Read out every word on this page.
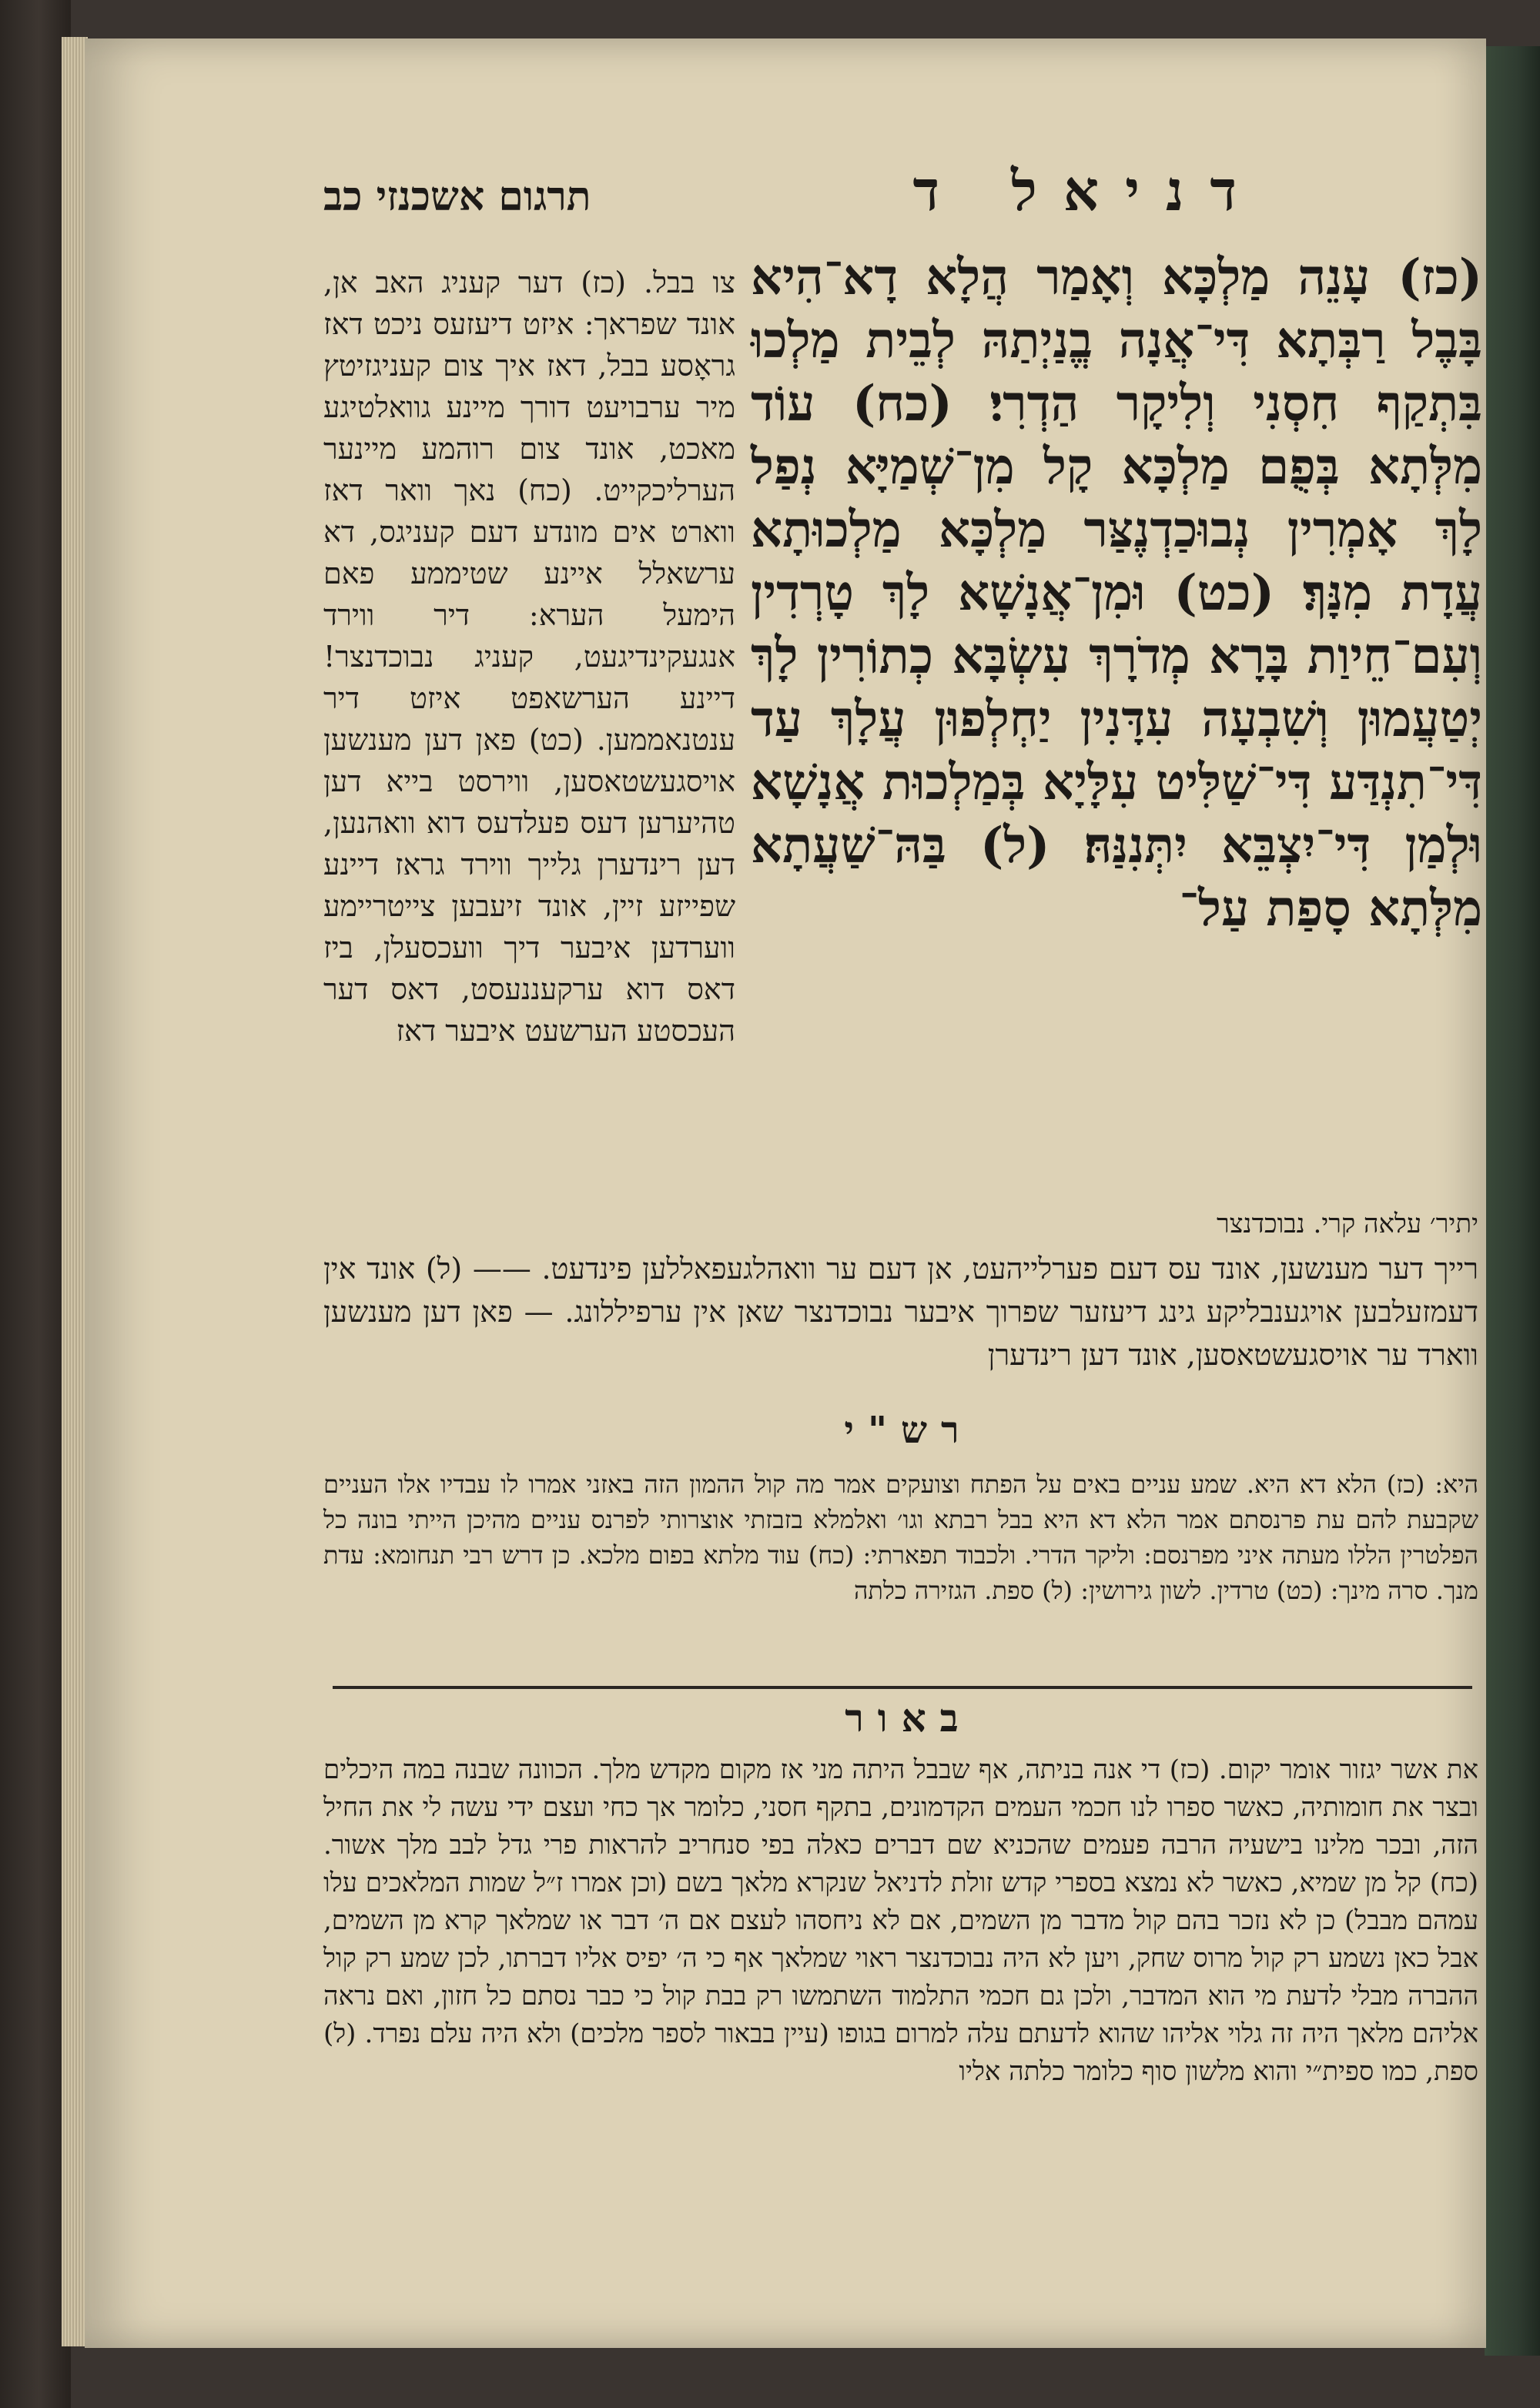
תרגום אשכנזי כב	דניאל ד

צו בבל. (כז) דער קעניג האב אן, אונד שפראך: איזט דיעזעס ניכט דאז גראָסע בבל, דאז איך צום קעניגזיטץ מיר ערבויעט דורך מיינע גוואלטיגע מאכט, אונד צום רוהמע מיינער הערליכקייט. (כח) נאך וואר דאז ווארט אים מונדע דעם קעניגס, דא ערשאלל איינע שטיממע פאם הימעל הערא: דיר ווירד אנגעקינדיגעט, קעניג נבוכדנצר! דיינע הערשאפט איזט דיר ענטנאממען. (כט) פאן דען מענשען אויסגעשטאסען, ווירסט בייא דען טהיערען דעס פעלדעס דוא וואהנען, דען רינדערן גלייך ווירד גראז דיינע שפייזע זיין, אונד זיעבען צייטריימע ווערדען איבער דיך וועכסעלן, ביז דאס דוא ערקעננעסט, דאס דער העכסטע הערשעט איבער דאז

(כז) עָנֵה מַלְכָּא וְאָמַר הֲלָא דָא־הִיא בָּבֶל רַבְּתָא דִּי־אֲנָה בֱנַיְתַהּ לְבֵית מַלְכוּ בִּתְקַף חִסְנִי וְלִיקָר הַדְרִי׃ (כח) עוֹד מִלְּתָא בְּפֻם מַלְכָּא קָל מִן־שְׁמַיָּא נְפַל לָךְ אָמְרִין נְבוּכַדְנֶצַּר מַלְכָּא מַלְכוּתָא עֲדָת מִנָּךְ׃ (כט) וּמִן־אֲנָשָׁא לָךְ טָרְדִין וְעִם־חֵיוַת בָּרָא מְדֹרָךְ עִשְׂבָּא כְתוֹרִין לָךְ יְטַעֲמוּן וְשִׁבְעָה עִדָּנִין יַחְלְפוּן עֲלָךְ עַד דִּי־תִנְדַּע דִּי־שַׁלִּיט עִלָּיָא בְּמַלְכוּת אֲנָשָׁא וּלְמַן דִּי־יִצְבֵּא יִתְּנִנַּהּ׃ (ל) בַּהּ־שַׁעֲתָא מִלְּתָא סָפַת עַל־

יתיר׳ עלאה קרי. נבוכדנצר

רייך דער מענשען, אונד עס דעם פערלייהעט, אן דעם ער וואהלגעפאללען פינדעט. —— (ל) אונד אין דעמזעלבען אויגענבליקע גינג דיעזער שפרוך איבער נבוכדנצר שאן אין ערפיללונג. — פאן דען מענשען ווארד ער אויסגעשטאסען, אונד דען רינדערן

רש"י

היא: (כז) הלא דא היא. שמע עניים באים על הפתח וצועקים אמר מה קול ההמון הזה באזני אמרו לו עבדיו אלו העניים שקבעת להם עת פרנסתם אמר הלא דא היא בבל רבתא וגו׳ ואלמלא בזבזתי אוצרותי לפרנס עניים מהיכן הייתי בונה כל הפלטרין הללו מעתה איני מפרנסם: וליקר הדרי. ולכבוד תפארתי: (כח) עוד מלתא בפום מלכא. כן דרש רבי תנחומא: עדת מנך. סרה מינך: (כט) טרדין. לשון גירושין: (ל) ספת. הגזירה כלתה

באור

את אשר יגזור אומר יקום. (כז) די אנה בניתה, אף שבבל היתה מני אז מקום מקדש מלך. הכוונה שבנה במה היכלים ובצר את חומותיה, כאשר ספרו לנו חכמי העמים הקדמונים, בתקף חסני, כלומר אך כחי ועצם ידי עשה לי את החיל הזה, ובכר מלינו בישעיה הרבה פעמים שהכניא שם דברים כאלה בפי סנחריב להראות פרי גדל לבב מלך אשור. (כח) קל מן שמיא, כאשר לא נמצא בספרי קדש זולת לדניאל שנקרא מלאך בשם (וכן אמרו ז״ל שמות המלאכים עלו עמהם מבבל) כן לא נזכר בהם קול מדבר מן השמים, אם לא ניחסהו לעצם אם ה׳ דבר או שמלאך קרא מן השמים, אבל כאן נשמע רק קול מרוס שחק, ויען לא היה נבוכדנצר ראוי שמלאך אף כי ה׳ יפיס אליו דברתו, לכן שמע רק קול ההברה מבלי לדעת מי הוא המדבר, ולכן גם חכמי התלמוד השתמשו רק בבת קול כי כבר נסתם כל חזון, ואם נראה אליהם מלאך היה זה גלוי אליהו שהוא לדעתם עלה למרום בגופו (עיין בבאור לספר מלכים) ולא היה עלם נפרד. (ל) ספת, כמו ספית״י והוא מלשון סוף כלומר כלתה אליו
